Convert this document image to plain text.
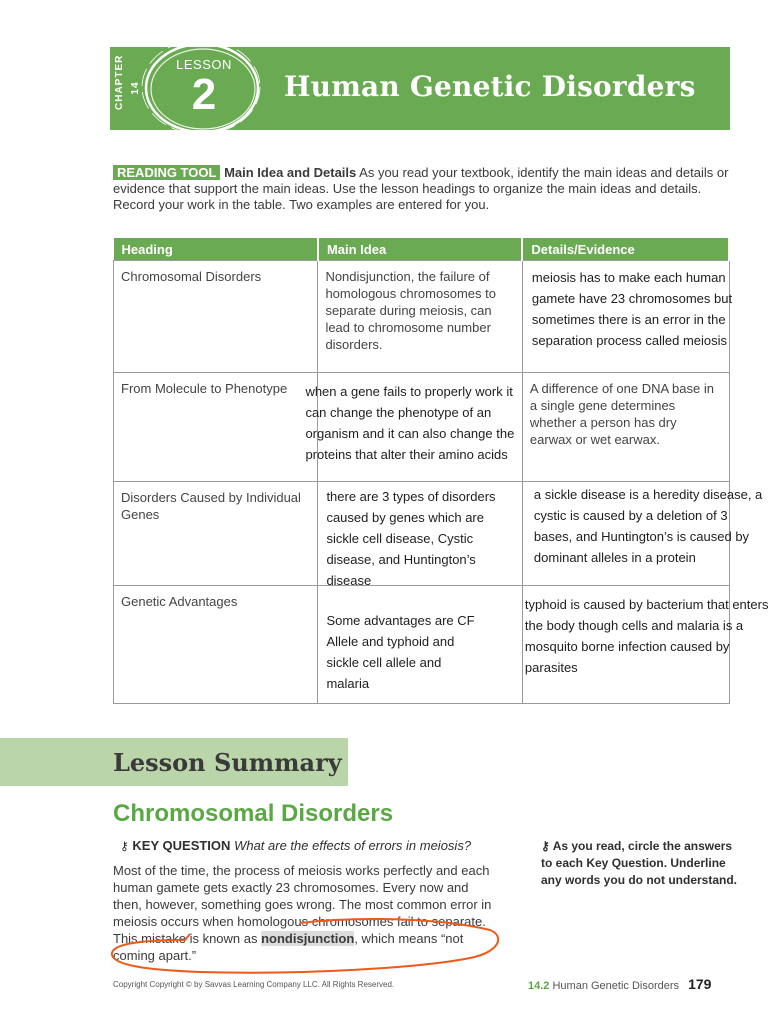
CHAPTER 14
LESSON
2	Human Genetic Disorders
READING TOOL Main Idea and Details As you read your textbook, identify the main ideas and details or evidence that support the main ideas. Use the lesson headings to organize the main ideas and details. Record your work in the table. Two examples are entered for you.
Heading	Main Idea	Details/Evidence
Chromosomal Disorders	Nondisjunction, the failure of homologous chromosomes to separate during meiosis, can lead to chromosome number disorders.	meiosis has to make each human gamete have 23 chromosomes but sometimes there is an error in the separation process called meiosis

From Molecule to Phenotype	when a gene fails to properly work it can change the phenotype of an organism and it can also change the proteins that alter their amino acids	A difference of one DNA base in a single gene determines whether a person has dry earwax or wet earwax.
Disorders Caused by Individual Genes	there are 3 types of disorders caused by genes which are sickle cell disease, Cystic disease, and Huntington’s disease	a sickle disease is a heredity disease, a cystic is caused by a deletion of 3 bases, and Huntington’s is caused by dominant alleles in a protein

Genetic Advantages	Some advantages are CF Allele and typhoid and sickle cell allele and malaria	typhoid is caused by bacterium that enters the body though cells and malaria is a mosquito borne infection caused by parasites
Lesson Summary
Chromosomal Disorders
⚷ KEY QUESTION What are the effects of errors in meiosis?
Most of the time, the process of meiosis works perfectly and each human gamete gets exactly 23 chromosomes. Every now and then, however, something goes wrong. The most common error in meiosis occurs when homologous chromosomes fail to separate. This mistake is known as nondisjunction, which means “not coming apart.”
⚷ As you read, circle the answers to each Key Question. Underline any words you do not understand.
Copyright Copyright © by Savvas Learning Company LLC. All Rights Reserved.	14.2 Human Genetic Disorders 179
